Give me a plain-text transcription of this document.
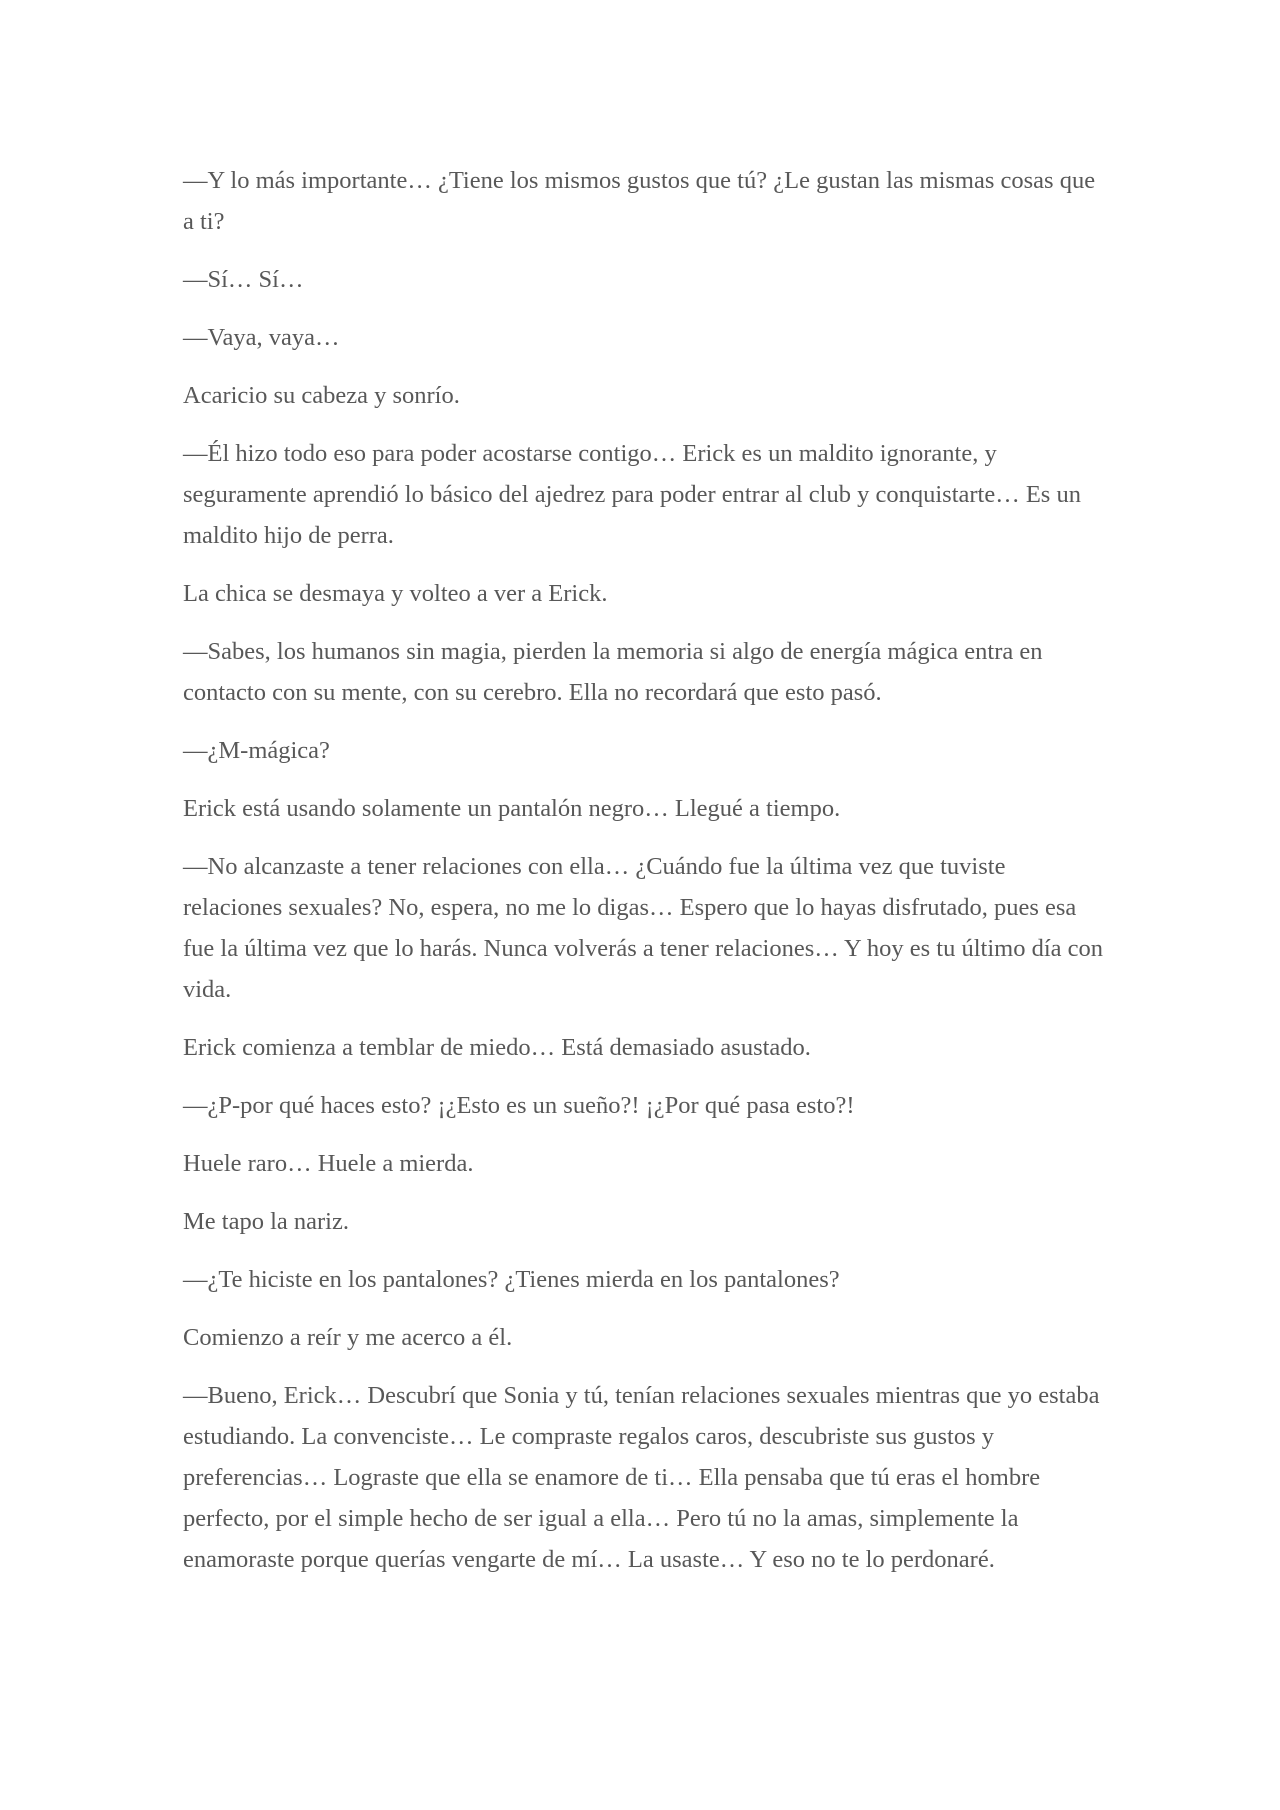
—Y lo más importante… ¿Tiene los mismos gustos que tú? ¿Le gustan las mismas cosas que a ti?

—Sí… Sí…

—Vaya, vaya…

Acaricio su cabeza y sonrío.

—Él hizo todo eso para poder acostarse contigo… Erick es un maldito ignorante, y seguramente aprendió lo básico del ajedrez para poder entrar al club y conquistarte… Es un maldito hijo de perra.

La chica se desmaya y volteo a ver a Erick.

—Sabes, los humanos sin magia, pierden la memoria si algo de energía mágica entra en contacto con su mente, con su cerebro. Ella no recordará que esto pasó.

—¿M-mágica?

Erick está usando solamente un pantalón negro… Llegué a tiempo.

—No alcanzaste a tener relaciones con ella… ¿Cuándo fue la última vez que tuviste relaciones sexuales? No, espera, no me lo digas… Espero que lo hayas disfrutado, pues esa fue la última vez que lo harás. Nunca volverás a tener relaciones… Y hoy es tu último día con vida.

Erick comienza a temblar de miedo… Está demasiado asustado.

—¿P-por qué haces esto? ¡¿Esto es un sueño?! ¡¿Por qué pasa esto?!

Huele raro… Huele a mierda.

Me tapo la nariz.

—¿Te hiciste en los pantalones? ¿Tienes mierda en los pantalones?

Comienzo a reír y me acerco a él.

—Bueno, Erick… Descubrí que Sonia y tú, tenían relaciones sexuales mientras que yo estaba estudiando. La convenciste… Le compraste regalos caros, descubriste sus gustos y preferencias… Lograste que ella se enamore de ti… Ella pensaba que tú eras el hombre perfecto, por el simple hecho de ser igual a ella… Pero tú no la amas, simplemente la enamoraste porque querías vengarte de mí… La usaste… Y eso no te lo perdonaré.
